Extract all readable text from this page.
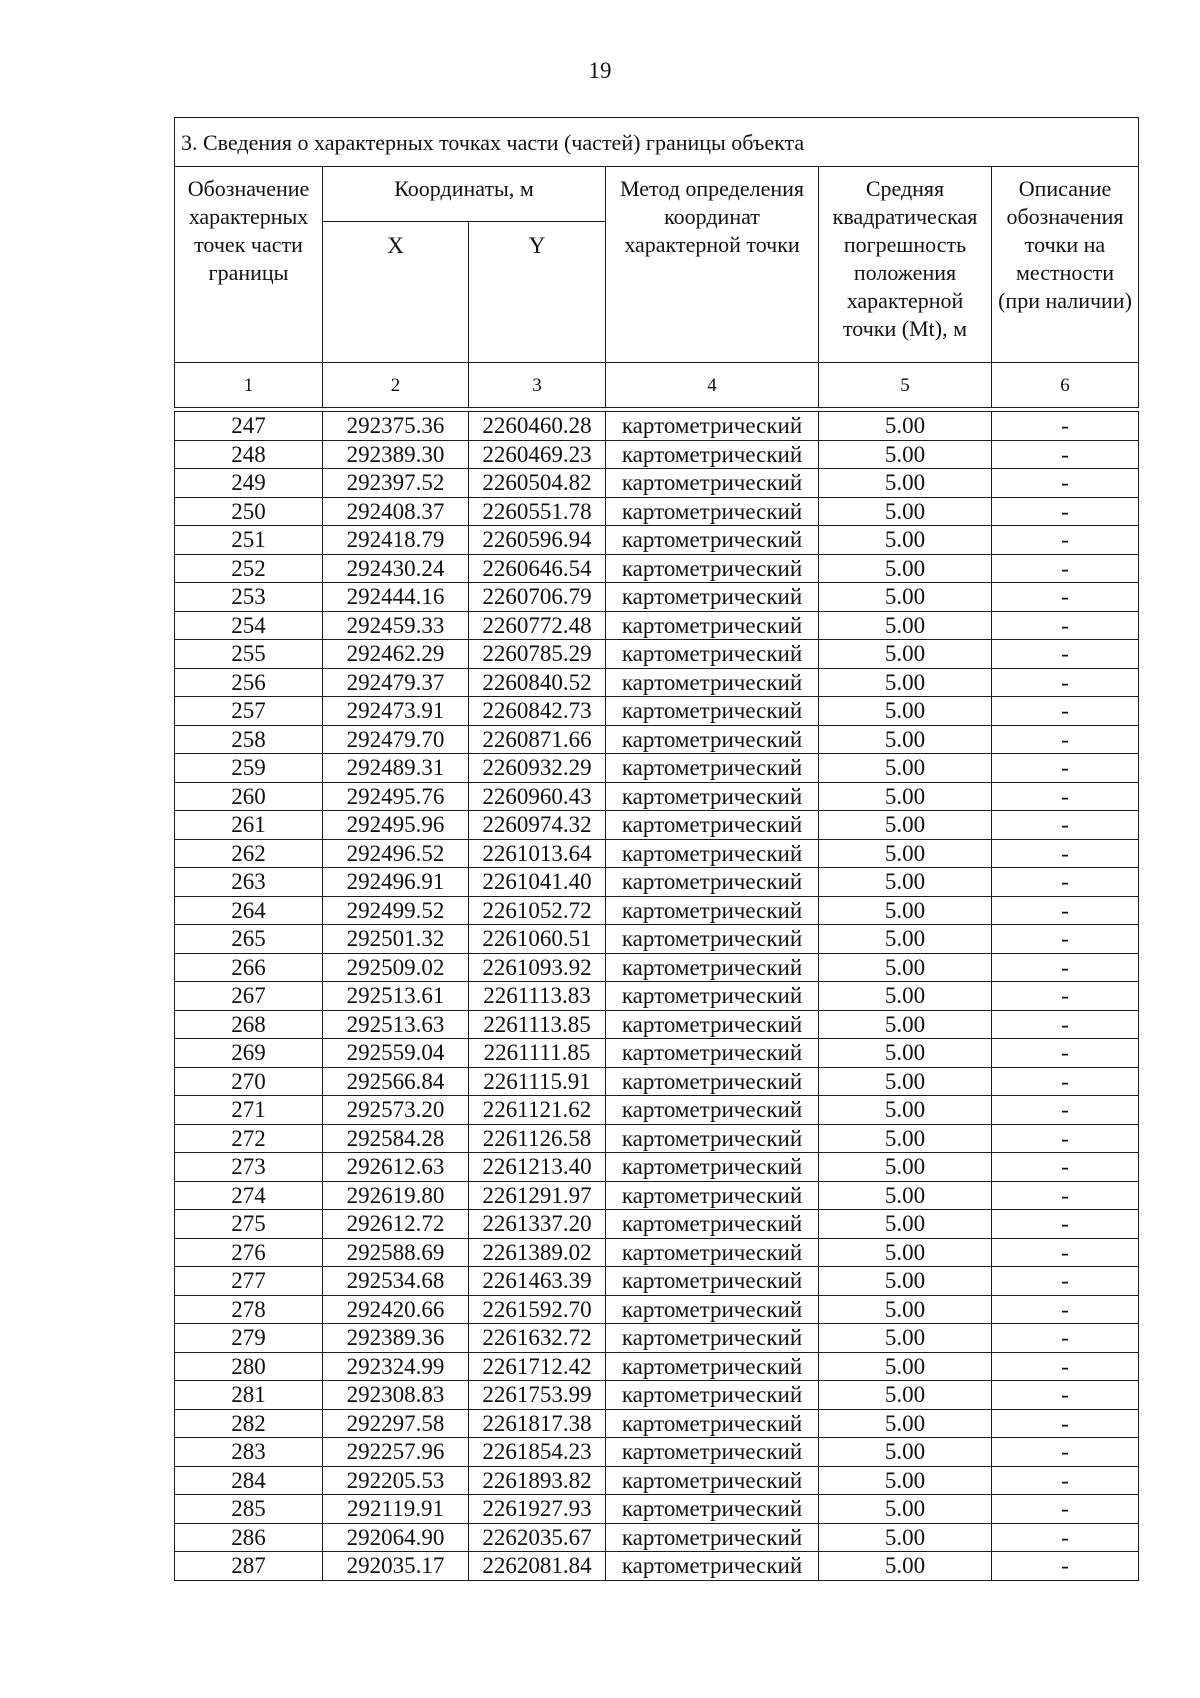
19
3. Сведения о характерных точках части (частей) границы объекта					
Обозначение характерных точек части границы	Координаты, м		Метод определения координат характерной точки	Средняя квадратическая погрешность положения характерной точки (Mt), м	Описание обозначения точки на местности (при наличии)
	X	Y			
1	2	3	4	5	6

247	292375.36	2260460.28	картометрический	5.00	-
248	292389.30	2260469.23	картометрический	5.00	-
249	292397.52	2260504.82	картометрический	5.00	-
250	292408.37	2260551.78	картометрический	5.00	-
251	292418.79	2260596.94	картометрический	5.00	-
252	292430.24	2260646.54	картометрический	5.00	-
253	292444.16	2260706.79	картометрический	5.00	-
254	292459.33	2260772.48	картометрический	5.00	-
255	292462.29	2260785.29	картометрический	5.00	-
256	292479.37	2260840.52	картометрический	5.00	-
257	292473.91	2260842.73	картометрический	5.00	-
258	292479.70	2260871.66	картометрический	5.00	-
259	292489.31	2260932.29	картометрический	5.00	-
260	292495.76	2260960.43	картометрический	5.00	-
261	292495.96	2260974.32	картометрический	5.00	-
262	292496.52	2261013.64	картометрический	5.00	-
263	292496.91	2261041.40	картометрический	5.00	-
264	292499.52	2261052.72	картометрический	5.00	-
265	292501.32	2261060.51	картометрический	5.00	-
266	292509.02	2261093.92	картометрический	5.00	-
267	292513.61	2261113.83	картометрический	5.00	-
268	292513.63	2261113.85	картометрический	5.00	-
269	292559.04	2261111.85	картометрический	5.00	-
270	292566.84	2261115.91	картометрический	5.00	-
271	292573.20	2261121.62	картометрический	5.00	-
272	292584.28	2261126.58	картометрический	5.00	-
273	292612.63	2261213.40	картометрический	5.00	-
274	292619.80	2261291.97	картометрический	5.00	-
275	292612.72	2261337.20	картометрический	5.00	-
276	292588.69	2261389.02	картометрический	5.00	-
277	292534.68	2261463.39	картометрический	5.00	-
278	292420.66	2261592.70	картометрический	5.00	-
279	292389.36	2261632.72	картометрический	5.00	-
280	292324.99	2261712.42	картометрический	5.00	-
281	292308.83	2261753.99	картометрический	5.00	-
282	292297.58	2261817.38	картометрический	5.00	-
283	292257.96	2261854.23	картометрический	5.00	-
284	292205.53	2261893.82	картометрический	5.00	-
285	292119.91	2261927.93	картометрический	5.00	-
286	292064.90	2262035.67	картометрический	5.00	-
287	292035.17	2262081.84	картометрический	5.00	-
